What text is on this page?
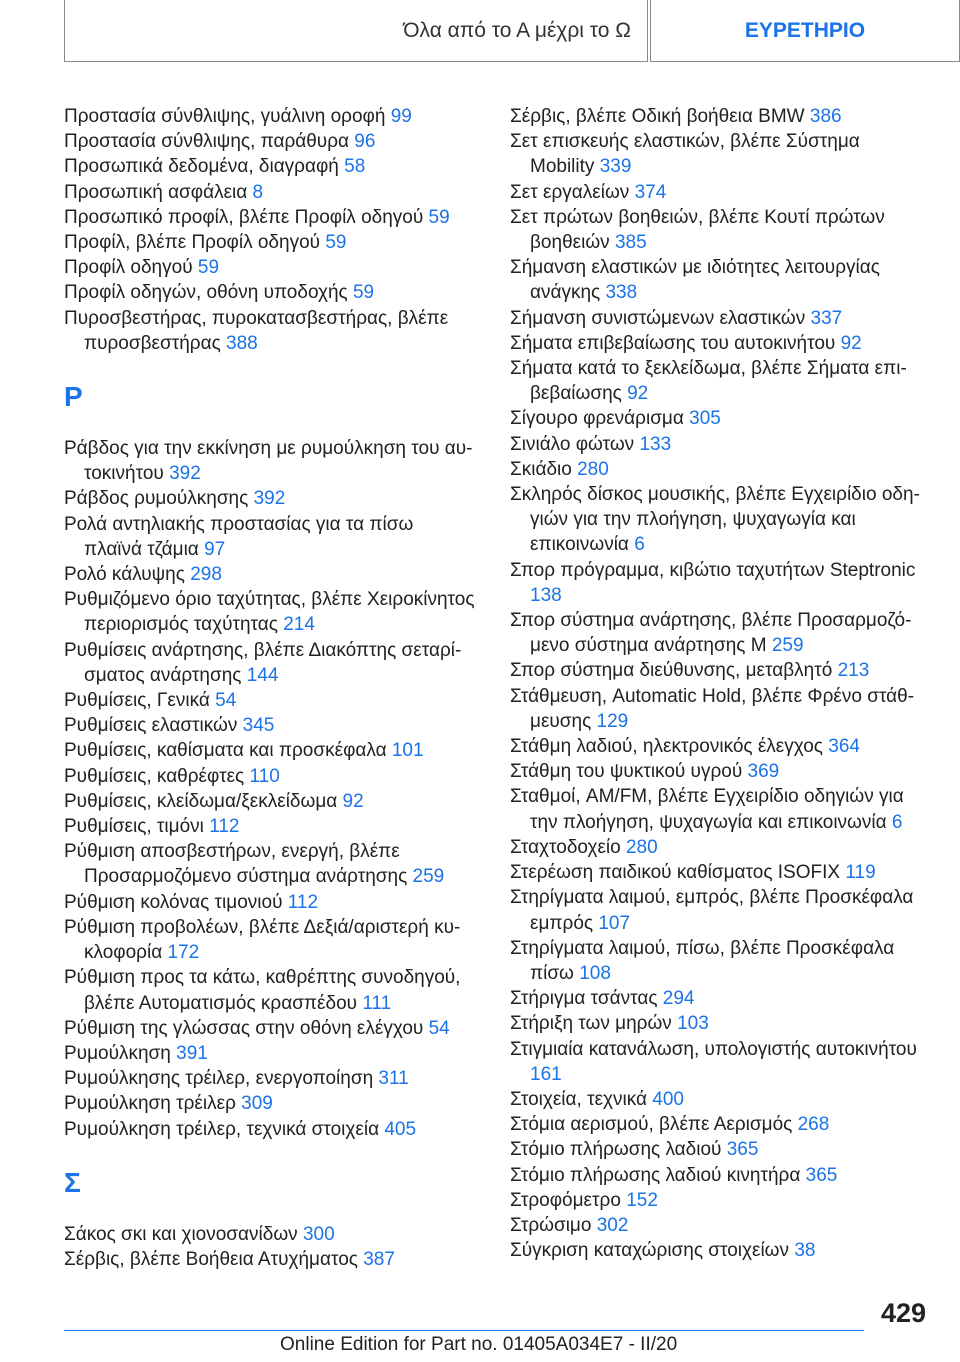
Όλα από το Α μέχρι το Ω	ΕΥΡΕΤΗΡΙΟ
Προστασία σύνθλιψης, γυάλινη οροφή 99
Προστασία σύνθλιψης, παράθυρα 96
Προσωπικά δεδομένα, διαγραφή 58
Προσωπική ασφάλεια 8
Προσωπικό προφίλ, βλέπε Προφίλ οδηγού 59
Προφίλ, βλέπε Προφίλ οδηγού 59
Προφίλ οδηγού 59
Προφίλ οδηγών, οθόνη υποδοχής 59
Πυροσβεστήρας, πυροκατασβεστήρας, βλέπε πυροσβεστήρας 388
Ρ
Ράβδος για την εκκίνηση με ρυμούλκηση του αυτοκινήτου 392
Ράβδος ρυμούλκησης 392
Ρολά αντηλιακής προστασίας για τα πίσω πλαϊνά τζάμια 97
Ρολό κάλυψης 298
Ρυθμιζόμενο όριο ταχύτητας, βλέπε Χειροκίνητος περιορισμός ταχύτητας 214
Ρυθμίσεις ανάρτησης, βλέπε Διακόπτης σεταρίσματος ανάρτησης 144
Ρυθμίσεις, Γενικά 54
Ρυθμίσεις ελαστικών 345
Ρυθμίσεις, καθίσματα και προσκέφαλα 101
Ρυθμίσεις, καθρέφτες 110
Ρυθμίσεις, κλείδωμα/ξεκλείδωμα 92
Ρυθμίσεις, τιμόνι 112
Ρύθμιση αποσβεστήρων, ενεργή, βλέπε Προσαρμοζόμενο σύστημα ανάρτησης 259
Ρύθμιση κολόνας τιμονιού 112
Ρύθμιση προβολέων, βλέπε Δεξιά/αριστερή κυκλοφορία 172
Ρύθμιση προς τα κάτω, καθρέπτης συνοδηγού, βλέπε Αυτοματισμός κρασπέδου 111
Ρύθμιση της γλώσσας στην οθόνη ελέγχου 54
Ρυμούλκηση 391
Ρυμούλκησης τρέιλερ, ενεργοποίηση 311
Ρυμούλκηση τρέιλερ 309
Ρυμούλκηση τρέιλερ, τεχνικά στοιχεία 405
Σ
Σάκος σκι και χιονοσανίδων 300
Σέρβις, βλέπε Βοήθεια Ατυχήματος 387
Σέρβις, βλέπε Οδική βοήθεια BMW 386
Σετ επισκευής ελαστικών, βλέπε Σύστημα Mobility 339
Σετ εργαλείων 374
Σετ πρώτων βοηθειών, βλέπε Κουτί πρώτων βοηθειών 385
Σήμανση ελαστικών με ιδιότητες λειτουργίας ανάγκης 338
Σήμανση συνιστώμενων ελαστικών 337
Σήματα επιβεβαίωσης του αυτοκινήτου 92
Σήματα κατά το ξεκλείδωμα, βλέπε Σήματα επιβεβαίωσης 92
Σίγουρο φρενάρισμα 305
Σινιάλο φώτων 133
Σκιάδιο 280
Σκληρός δίσκος μουσικής, βλέπε Εγχειρίδιο οδηγιών για την πλοήγηση, ψυχαγωγία και επικοινωνία 6
Σπορ πρόγραμμα, κιβώτιο ταχυτήτων Steptronic 138
Σπορ σύστημα ανάρτησης, βλέπε Προσαρμοζόμενο σύστημα ανάρτησης M 259
Σπορ σύστημα διεύθυνσης, μεταβλητό 213
Στάθμευση, Automatic Hold, βλέπε Φρένο στάθμευσης 129
Στάθμη λαδιού, ηλεκτρονικός έλεγχος 364
Στάθμη του ψυκτικού υγρού 369
Σταθμοί, AM/FM, βλέπε Εγχειρίδιο οδηγιών για την πλοήγηση, ψυχαγωγία και επικοινωνία 6
Σταχτοδοχείο 280
Στερέωση παιδικού καθίσματος ISOFIX 119
Στηρίγματα λαιμού, εμπρός, βλέπε Προσκέφαλα εμπρός 107
Στηρίγματα λαιμού, πίσω, βλέπε Προσκέφαλα πίσω 108
Στήριγμα τσάντας 294
Στήριξη των μηρών 103
Στιγμιαία κατανάλωση, υπολογιστής αυτοκινήτου 161
Στοιχεία, τεχνικά 400
Στόμια αερισμού, βλέπε Αερισμός 268
Στόμιο πλήρωσης λαδιού 365
Στόμιο πλήρωσης λαδιού κινητήρα 365
Στροφόμετρο 152
Στρώσιμο 302
Σύγκριση καταχώρισης στοιχείων 38
429
Online Edition for Part no. 01405A034E7 - II/20
